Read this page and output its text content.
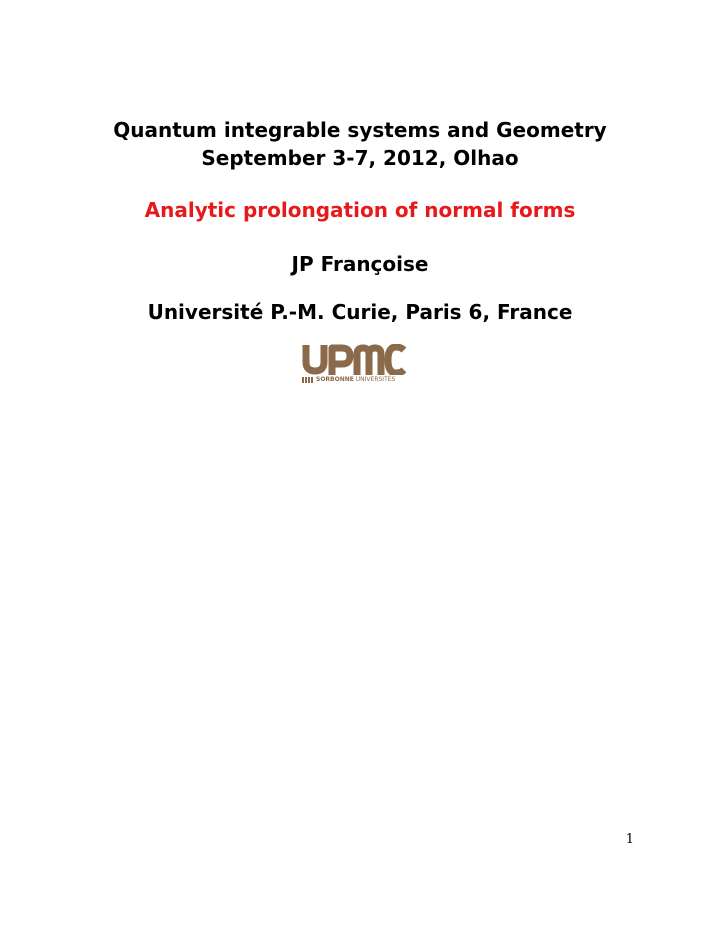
Quantum integrable systems and Geometry
September 3-7, 2012, Olhao
Analytic prolongation of normal forms
JP Françoise
Université P.-M. Curie, Paris 6, France
SORBONNE UNIVERSITÉS
1
